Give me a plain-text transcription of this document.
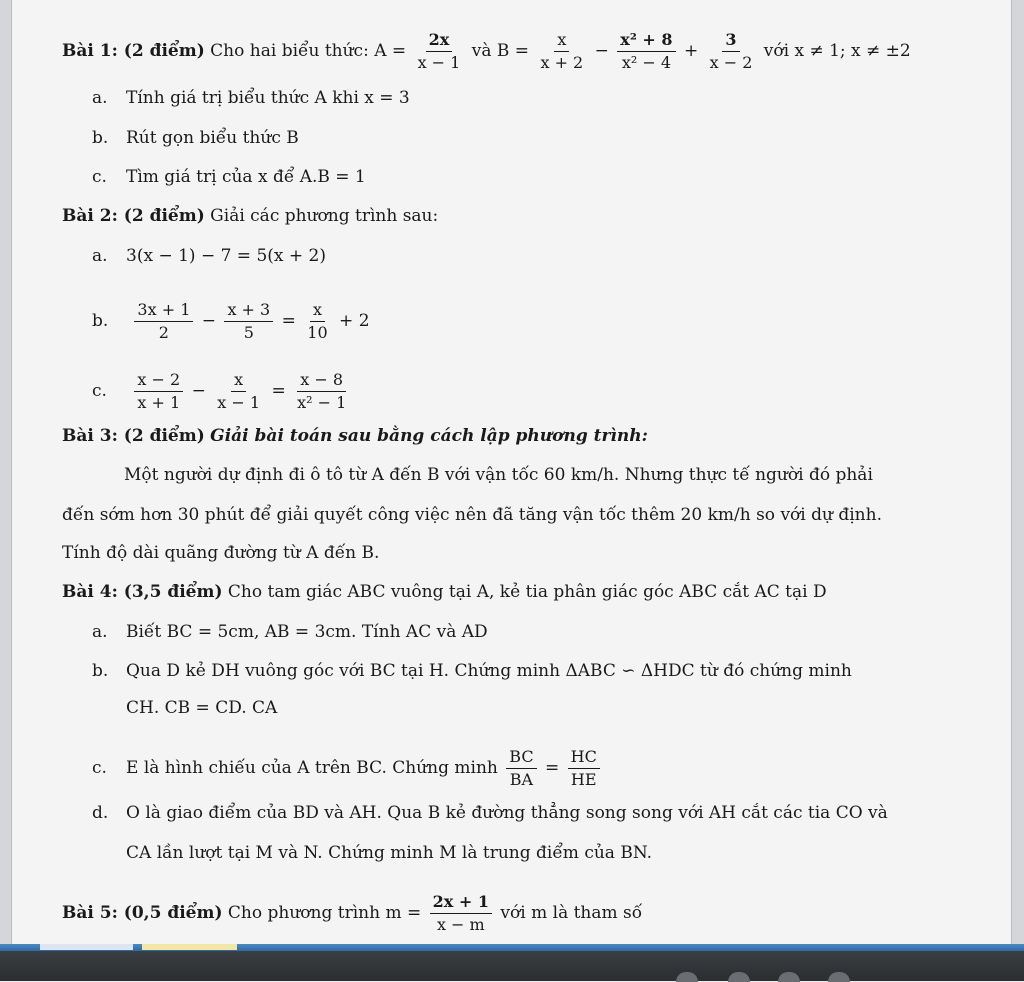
Bài 1: (2 điểm) Cho hai biểu thức: $A = \frac{2x}{x - 1}$ và $B = \frac{x}{x + 2} - \frac{\text{x² + 8}}{\text{x² − 4}} + \frac{3}{x - 2}$ với x ≠ 1; x ≠ ±2
a. Tính giá trị biểu thức A khi x = 3
b. Rút gọn biểu thức B
c. Tìm giá trị của x để A.B = 1
Bài 2: (2 điểm) Giải các phương trình sau:
a. 3(x − 1) − 7 = 5(x + 2)
b. $\frac{3x + 1}{2} - \frac{x + 3}{5} = \frac{x}{10} + 2$
c. $\frac{x - 2}{x + 1} - \frac{x}{x - 1} = \frac{x - 8}{\text{x² − 1}}$
Bài 3: (2 điểm) Giải bài toán sau bằng cách lập phương trình:
Một người dự định đi ô tô từ A đến B với vận tốc 60 km/h. Nhưng thực tế người đó phải
đến sớm hơn 30 phút để giải quyết công việc nên đã tăng vận tốc thêm 20 km/h so với dự định.
Tính độ dài quãng đường từ A đến B.
Bài 4: (3,5 điểm) Cho tam giác ABC vuông tại A, kẻ tia phân giác góc ABC cắt AC tại D
a. Biết BC = 5cm, AB = 3cm. Tính AC và AD
b. Qua D kẻ DH vuông góc với BC tại H. Chứng minh ΔABC ∽ ΔHDC từ đó chứng minh
CH. CB = CD. CA
c. E là hình chiếu của A trên BC. Chứng minh $\frac{BC}{BA} = \frac{HC}{HE}$
d. O là giao điểm của BD và AH. Qua B kẻ đường thẳng song song với AH cắt các tia CO và
CA lần lượt tại M và N. Chứng minh M là trung điểm của BN.
Bài 5: (0,5 điểm) Cho phương trình $m = \frac{2x + 1}{x - m}$ với m là tham số
